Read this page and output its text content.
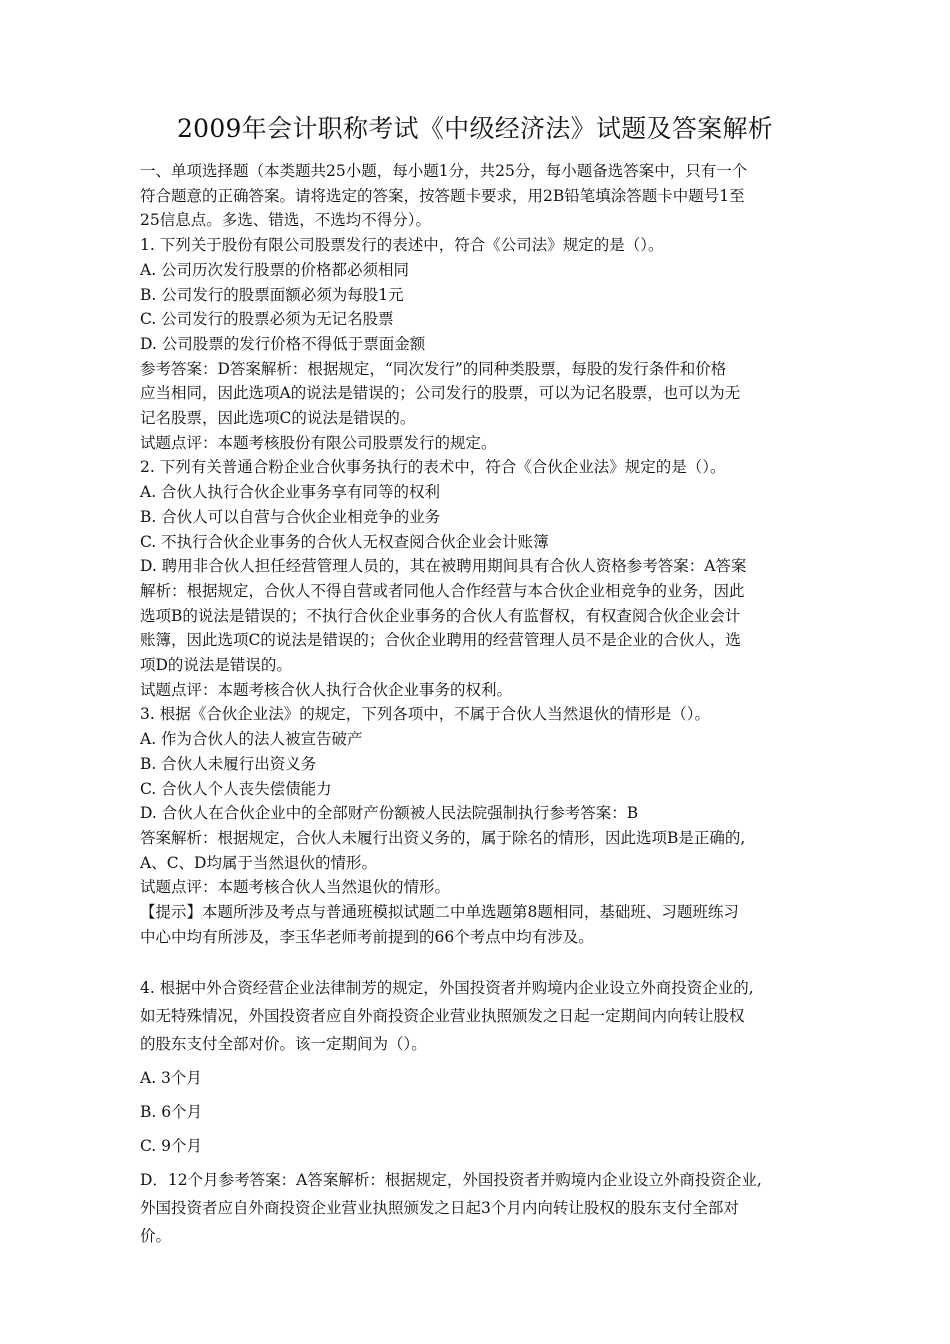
2009年会计职称考试《中级经济法》试题及答案解析

一、单项选择题（本类题共25小题，每小题1分，共25分，每小题备选答案中，只有一个

符合题意的正确答案。请将选定的答案，按答题卡要求，用2B铅笔填涂答题卡中题号1至

25信息点。多选、错选，不选均不得分）。

1. 下列关于股份有限公司股票发行的表述中，符合《公司法》规定的是（）。

A. 公司历次发行股票的价格都必须相同

B. 公司发行的股票面额必须为每股1元

C. 公司发行的股票必须为无记名股票

D. 公司股票的发行价格不得低于票面金额

参考答案：D答案解析：根据规定，“同次发行”的同种类股票，每股的发行条件和价格

应当相同，因此选项A的说法是错误的；公司发行的股票，可以为记名股票，也可以为无

记名股票，因此选项C的说法是错误的。

试题点评：本题考核股份有限公司股票发行的规定。

2. 下列有关普通合粉企业合伙事务执行的表术中，符合《合伙企业法》规定的是（）。

A. 合伙人执行合伙企业事务享有同等的权利

B. 合伙人可以自营与合伙企业相竞争的业务

C. 不执行合伙企业事务的合伙人无权查阅合伙企业会计账簿

D. 聘用非合伙人担任经营管理人员的，其在被聘用期间具有合伙人资格参考答案：A答案

解析：根据规定，合伙人不得自营或者同他人合作经营与本合伙企业相竞争的业务，因此

选项B的说法是错误的；不执行合伙企业事务的合伙人有监督权，有权查阅合伙企业会计

账簿，因此选项C的说法是错误的；合伙企业聘用的经营管理人员不是企业的合伙人，选

项D的说法是错误的。

试题点评：本题考核合伙人执行合伙企业事务的权利。

3. 根据《合伙企业法》的规定，下列各项中，不属于合伙人当然退伙的情形是（）。

A. 作为合伙人的法人被宣告破产

B. 合伙人未履行出资义务

C. 合伙人个人丧失偿债能力

D. 合伙人在合伙企业中的全部财产份额被人民法院强制执行参考答案：B

答案解析：根据规定，合伙人未履行出资义务的，属于除名的情形，因此选项B是正确的,

A、C、D均属于当然退伙的情形。

试题点评：本题考核合伙人当然退伙的情形。

【提示】本题所涉及考点与普通班模拟试题二中单选题第8题相同，基础班、习题班练习

中心中均有所涉及，李玉华老师考前提到的66个考点中均有涉及。

4. 根据中外合资经营企业法律制芳的规定，外国投资者并购境内企业设立外商投资企业的,

如无特殊情况，外国投资者应自外商投资企业营业执照颁发之日起一定期间内向转让股权

的股东支付全部对价。该一定期间为（）。

A. 3个月

B. 6个月

C. 9个月

D．12个月参考答案：A答案解析：根据规定，外国投资者并购境内企业设立外商投资企业,

外国投资者应自外商投资企业营业执照颁发之日起3个月内向转让股权的股东支付全部对

价。
